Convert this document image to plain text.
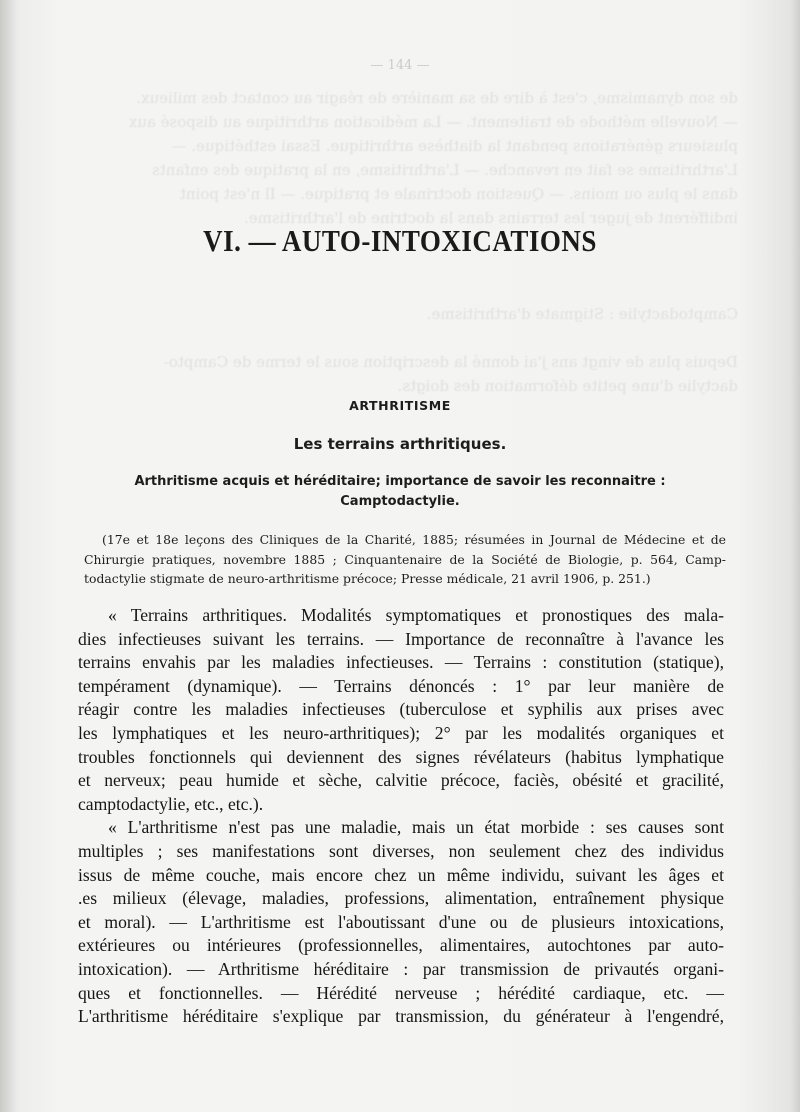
de son dynamisme, c'est à dire de sa manière de réagir au contact des milieux.
— Nouvelle méthode de traitement. — La médication arthritique au disposé aux
plusieurs générations pendant la diathèse arthritique. Essai esthétique. —
L'arthritisme se fait en revanche. — L'arthritisme, en la pratique des enfants
dans le plus ou moins. — Question doctrinale et pratique. — Il n'est point
indifférent de juger les terrains dans la doctrine de l'arthritisme.

Camptodactylie : Stigmate d'arthritisme.

Depuis plus de vingt ans j'ai donné la description sous le terme de Campto-
dactylie d'une petite déformation des doigts.
— 144 —
VI. — AUTO-INTOXICATIONS
ARTHRITISME
Les terrains arthritiques.
Arthritisme acquis et héréditaire; importance de savoir les reconnaitre :
Camptodactylie.
(17e et 18e leçons des Cliniques de la Charité, 1885; résumées in Journal de Médecine et de
Chirurgie pratiques, novembre 1885 ; Cinquantenaire de la Société de Biologie, p. 564, Camp-
todactylie stigmate de neuro-arthritisme précoce; Presse médicale, 21 avril 1906, p. 251.)
« Terrains arthritiques. Modalités symptomatiques et pronostiques des mala-
dies infectieuses suivant les terrains. — Importance de reconnaître à l'avance les
terrains envahis par les maladies infectieuses. — Terrains : constitution (statique),
tempérament (dynamique). — Terrains dénoncés : 1° par leur manière de
réagir contre les maladies infectieuses (tuberculose et syphilis aux prises avec
les lymphatiques et les neuro-arthritiques); 2° par les modalités organiques et
troubles fonctionnels qui deviennent des signes révélateurs (habitus lymphatique
et nerveux; peau humide et sèche, calvitie précoce, faciès, obésité et gracilité,
camptodactylie, etc., etc.).
« L'arthritisme n'est pas une maladie, mais un état morbide : ses causes sont
multiples ; ses manifestations sont diverses, non seulement chez des individus
issus de même couche, mais encore chez un même individu, suivant les âges et
.es milieux (élevage, maladies, professions, alimentation, entraînement physique
et moral). — L'arthritisme est l'aboutissant d'une ou de plusieurs intoxications,
extérieures ou intérieures (professionnelles, alimentaires, autochtones par auto-
intoxication). — Arthritisme héréditaire : par transmission de privautés organi-
ques et fonctionnelles. — Hérédité nerveuse ; hérédité cardiaque, etc. —
L'arthritisme héréditaire s'explique par transmission, du générateur à l'engendré,
